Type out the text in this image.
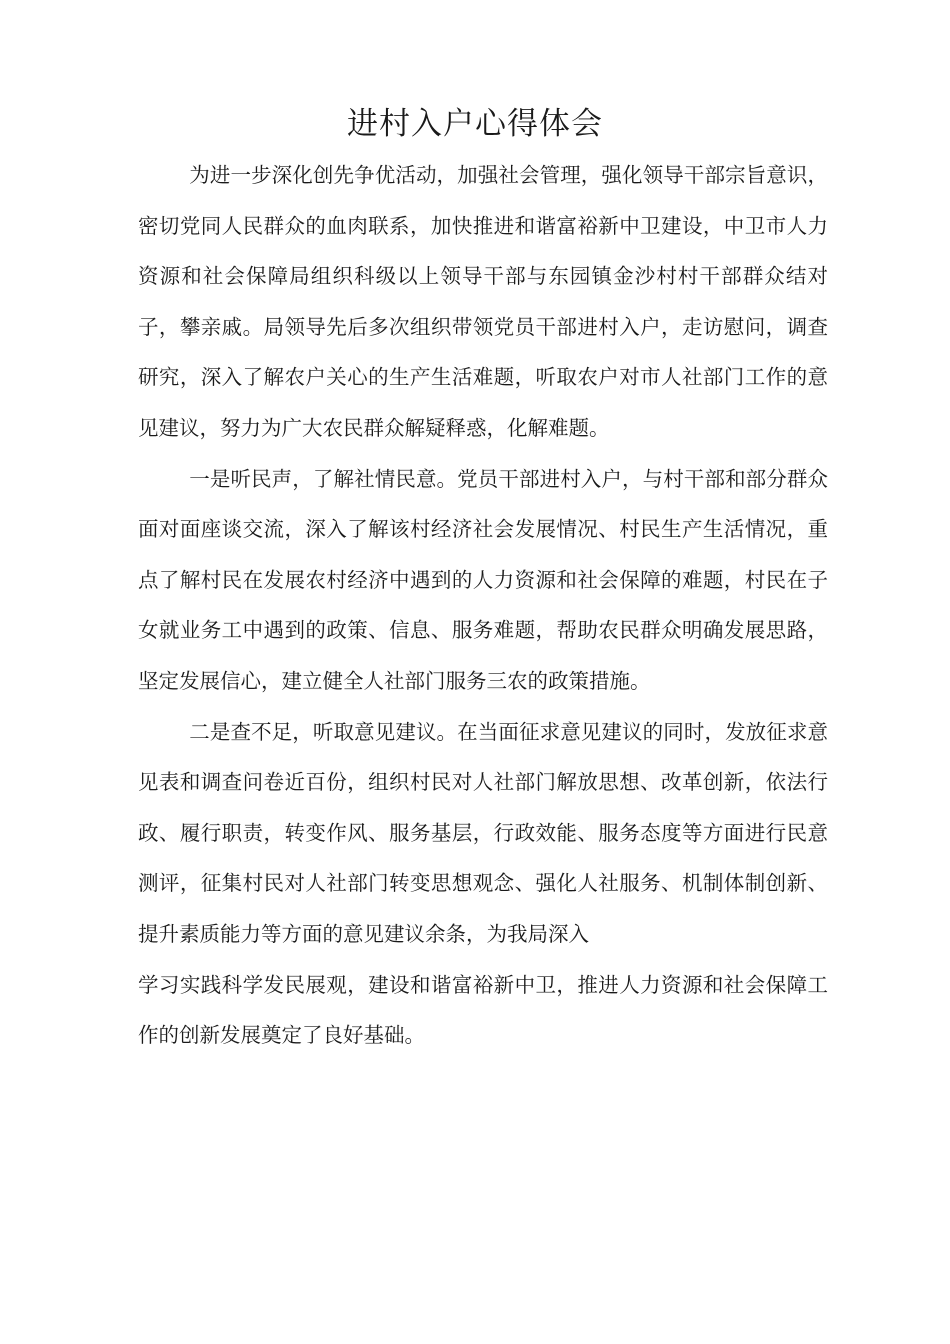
进村入户心得体会

为进一步深化创先争优活动，加强社会管理，强化领导干部宗旨意识，密切党同人民群众的血肉联系，加快推进和谐富裕新中卫建设，中卫市人力资源和社会保障局组织科级以上领导干部与东园镇金沙村村干部群众结对子，攀亲戚。局领导先后多次组织带领党员干部进村入户，走访慰问，调查研究，深入了解农户关心的生产生活难题，听取农户对市人社部门工作的意见建议，努力为广大农民群众解疑释惑，化解难题。

一是听民声，了解社情民意。党员干部进村入户，与村干部和部分群众面对面座谈交流，深入了解该村经济社会发展情况、村民生产生活情况，重点了解村民在发展农村经济中遇到的人力资源和社会保障的难题，村民在子女就业务工中遇到的政策、信息、服务难题，帮助农民群众明确发展思路，坚定发展信心，建立健全人社部门服务三农的政策措施。

二是查不足，听取意见建议。在当面征求意见建议的同时，发放征求意见表和调查问卷近百份，组织村民对人社部门解放思想、改革创新，依法行政、履行职责，转变作风、服务基层，行政效能、服务态度等方面进行民意测评，征集村民对人社部门转变思想观念、强化人社服务、机制体制创新、提升素质能力等方面的意见建议余条，为我局深入

学习实践科学发民展观，建设和谐富裕新中卫，推进人力资源和社会保障工作的创新发展奠定了良好基础。
